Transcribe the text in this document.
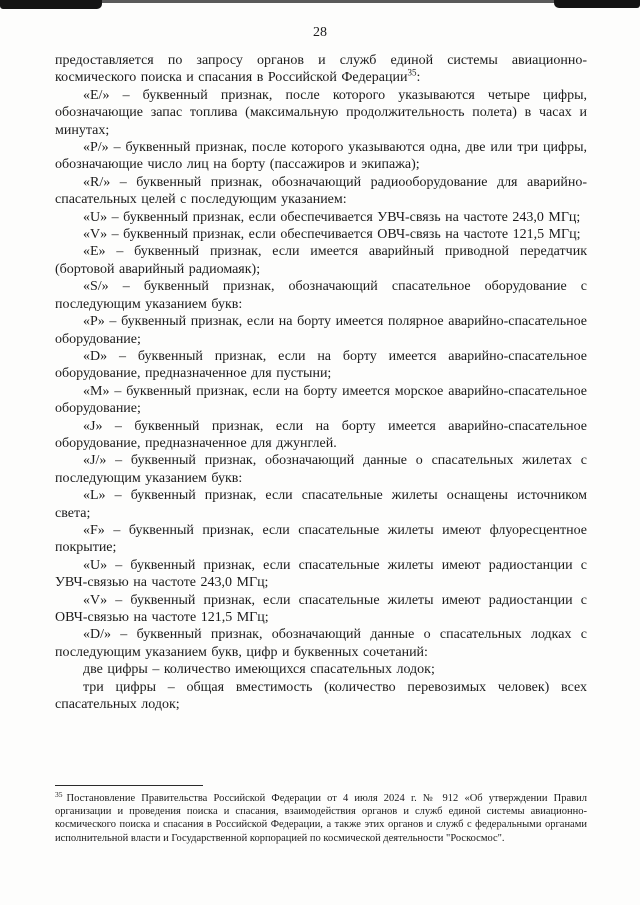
28

предоставляется по запросу органов и служб единой системы авиационно-космического поиска и спасания в Российской Федерации$^{35}$:

«E/» – буквенный признак, после которого указываются четыре цифры, обозначающие запас топлива (максимальную продолжительность полета) в часах и минутах;

«P/» – буквенный признак, после которого указываются одна, две или три цифры, обозначающие число лиц на борту (пассажиров и экипажа);

«R/» – буквенный признак, обозначающий радиооборудование для аварийно-спасательных целей с последующим указанием:

«U» – буквенный признак, если обеспечивается УВЧ-связь на частоте 243,0 МГц;

«V» – буквенный признак, если обеспечивается ОВЧ-связь на частоте 121,5 МГц;

«E» – буквенный признак, если имеется аварийный приводной передатчик (бортовой аварийный радиомаяк);

«S/» – буквенный признак, обозначающий спасательное оборудование с последующим указанием букв:

«P» – буквенный признак, если на борту имеется полярное аварийно-спасательное оборудование;

«D» – буквенный признак, если на борту имеется аварийно-спасательное оборудование, предназначенное для пустыни;

«M» – буквенный признак, если на борту имеется морское аварийно-спасательное оборудование;

«J» – буквенный признак, если на борту имеется аварийно-спасательное оборудование, предназначенное для джунглей.

«J/» – буквенный признак, обозначающий данные о спасательных жилетах с последующим указанием букв:

«L» – буквенный признак, если спасательные жилеты оснащены источником света;

«F» – буквенный признак, если спасательные жилеты имеют флуоресцентное покрытие;

«U» – буквенный признак, если спасательные жилеты имеют радиостанции с УВЧ-связью на частоте 243,0 МГц;

«V» – буквенный признак, если спасательные жилеты имеют радиостанции с ОВЧ-связью на частоте 121,5 МГц;

«D/» – буквенный признак, обозначающий данные о спасательных лодках с последующим указанием букв, цифр и буквенных сочетаний:

две цифры – количество имеющихся спасательных лодок;

три цифры – общая вместимость (количество перевозимых человек) всех спасательных лодок;

$^{35}$ Постановление Правительства Российской Федерации от 4 июля 2024 г. № 912 «Об утверждении Правил организации и проведения поиска и спасания, взаимодействия органов и служб единой системы авиационно-космического поиска и спасания в Российской Федерации, а также этих органов и служб с федеральными органами исполнительной власти и Государственной корпорацией по космической деятельности "Роскосмос".
